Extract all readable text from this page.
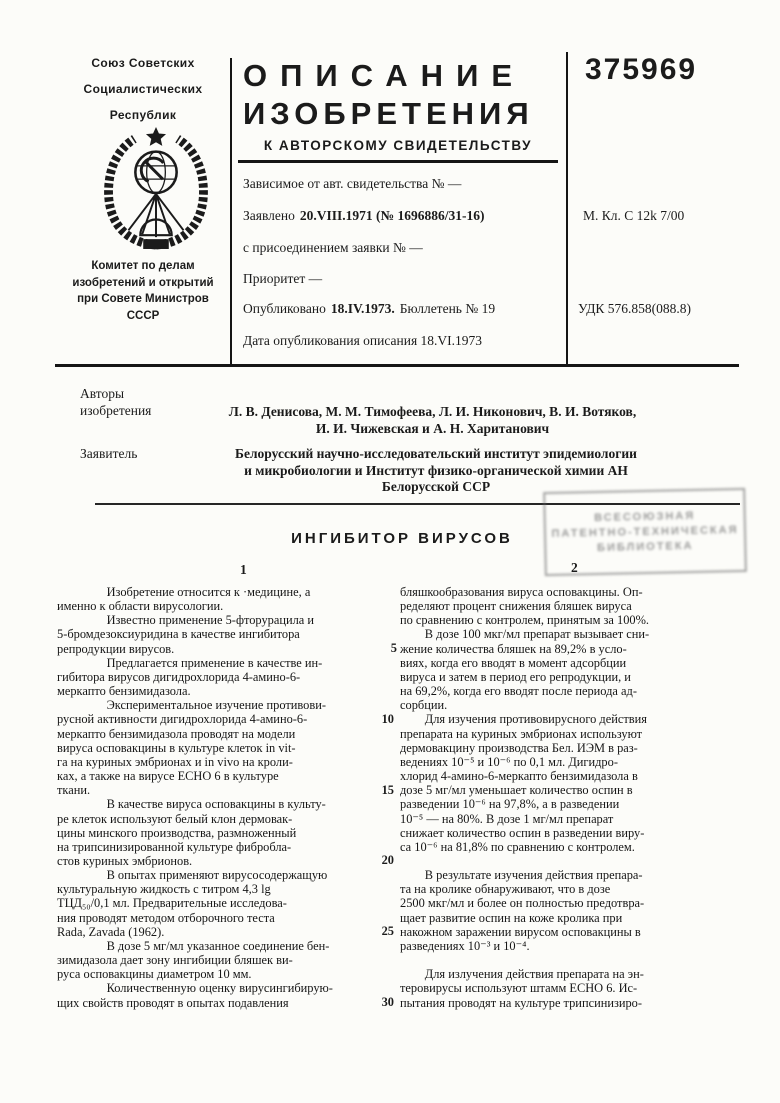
Союз Советских
Социалистических
Республик
Комитет по делам
изобретений и открытий
при Совете Министров
СССР
ОПИСАНИЕ
ИЗОБРЕТЕНИЯ
К АВТОРСКОМУ СВИДЕТЕЛЬСТВУ
Зависимое от авт. свидетельства № —
Заявлено 20.VIII.1971 (№ 1696886/31-16)
с присоединением заявки № —
Приоритет —
Опубликовано 18.IV.1973. Бюллетень № 19
Дата опубликования описания 18.VI.1973
375969
М. Кл. С 12k 7/00
УДК 576.858(088.8)
Авторы
изобретения	Л. В. Денисова, М. М. Тимофеева, Л. И. Никонович, В. И. Вотяков,
И. И. Чижевская и А. Н. Хаританович
Заявитель	Белорусский научно-исследовательский институт эпидемиологии
и микробиологии и Институт физико-органической химии АН
Белорусской ССР
ВСЕСОЮЗНАЯ
ПАТЕНТНО-ТЕХНИЧЕСКАЯ
БИБЛИОТЕКА
ИНГИБИТОР ВИРУСОВ
1	2
5
10
15
20
25
30
    Изобретение относится к ·медицине, а
именно к области вирусологии.
    Известно применение 5-фторурацила и
5-бромдезоксиуридина в качестве ингибитора
репродукции вирусов.
    Предлагается применение в качестве ин-
гибитора вирусов дигидрохлорида 4-амино-6-
меркапто бензимидазола.
    Экспериментальное изучение противови-
русной активности дигидрохлорида 4-амино-6-
меркапто бензимидазола проводят на модели
вируса осповакцины в культуре клеток in vit-
га на куриных эмбрионах и in vivo на кроли-
ках, а также на вирусе ЕСНО 6 в культуре
ткани.
    В качестве вируса осповакцины в культу-
ре клеток используют белый клон дермовак-
цины минского производства, размноженный
на трипсинизированной культуре фибробла-
стов куриных эмбрионов.
    В опытах применяют вирусосодержащую
культуральную жидкость с титром 4,3 lg
ТЦД₅₀/0,1 мл. Предварительные исследова-
ния проводят методом отборочного теста
Rada, Zavada (1962).
    В дозе 5 мг/мл указанное соединение бен-
зимидазола дает зону ингибиции бляшек ви-
руса осповакцины диаметром 10 мм.
    Количественную оценку вирусингибирую-
щих свойств проводят в опытах подавления
бляшкообразования вируса осповакцины. Оп-
ределяют процент снижения бляшек вируса
по сравнению с контролем, принятым за 100%.
  В дозе 100 мкг/мл препарат вызывает сни-
жение количества бляшек на 89,2% в усло-
виях, когда его вводят в момент адсорбции
вируса и затем в период его репродукции, и
на 69,2%, когда его вводят после периода ад-
сорбции.
  Для изучения противовирусного действия
препарата на куриных эмбрионах используют
дермовакцину производства Бел. ИЭМ в раз-
ведениях 10⁻⁵ и 10⁻⁶ по 0,1 мл. Дигидро-
хлорид 4-амино-6-меркапто бензимидазола в
дозе 5 мг/мл уменьшает количество оспин в
разведении 10⁻⁶ на 97,8%, а в разведении
10⁻⁵ — на 80%. В дозе 1 мг/мл препарат
снижает количество оспин в разведении виру-
са 10⁻⁶ на 81,8% по сравнению с контролем.

  В результате изучения действия препара-
та на кролике обнаруживают, что в дозе
2500 мкг/мл и более он полностью предотвра-
щает развитие оспин на коже кролика при
накожном заражении вирусом осповакцины в
разведениях 10⁻³ и 10⁻⁴.

  Для излучения действия препарата на эн-
теровирусы используют штамм ЕСНО 6. Ис-
пытания проводят на культуре трипсинизиро-
